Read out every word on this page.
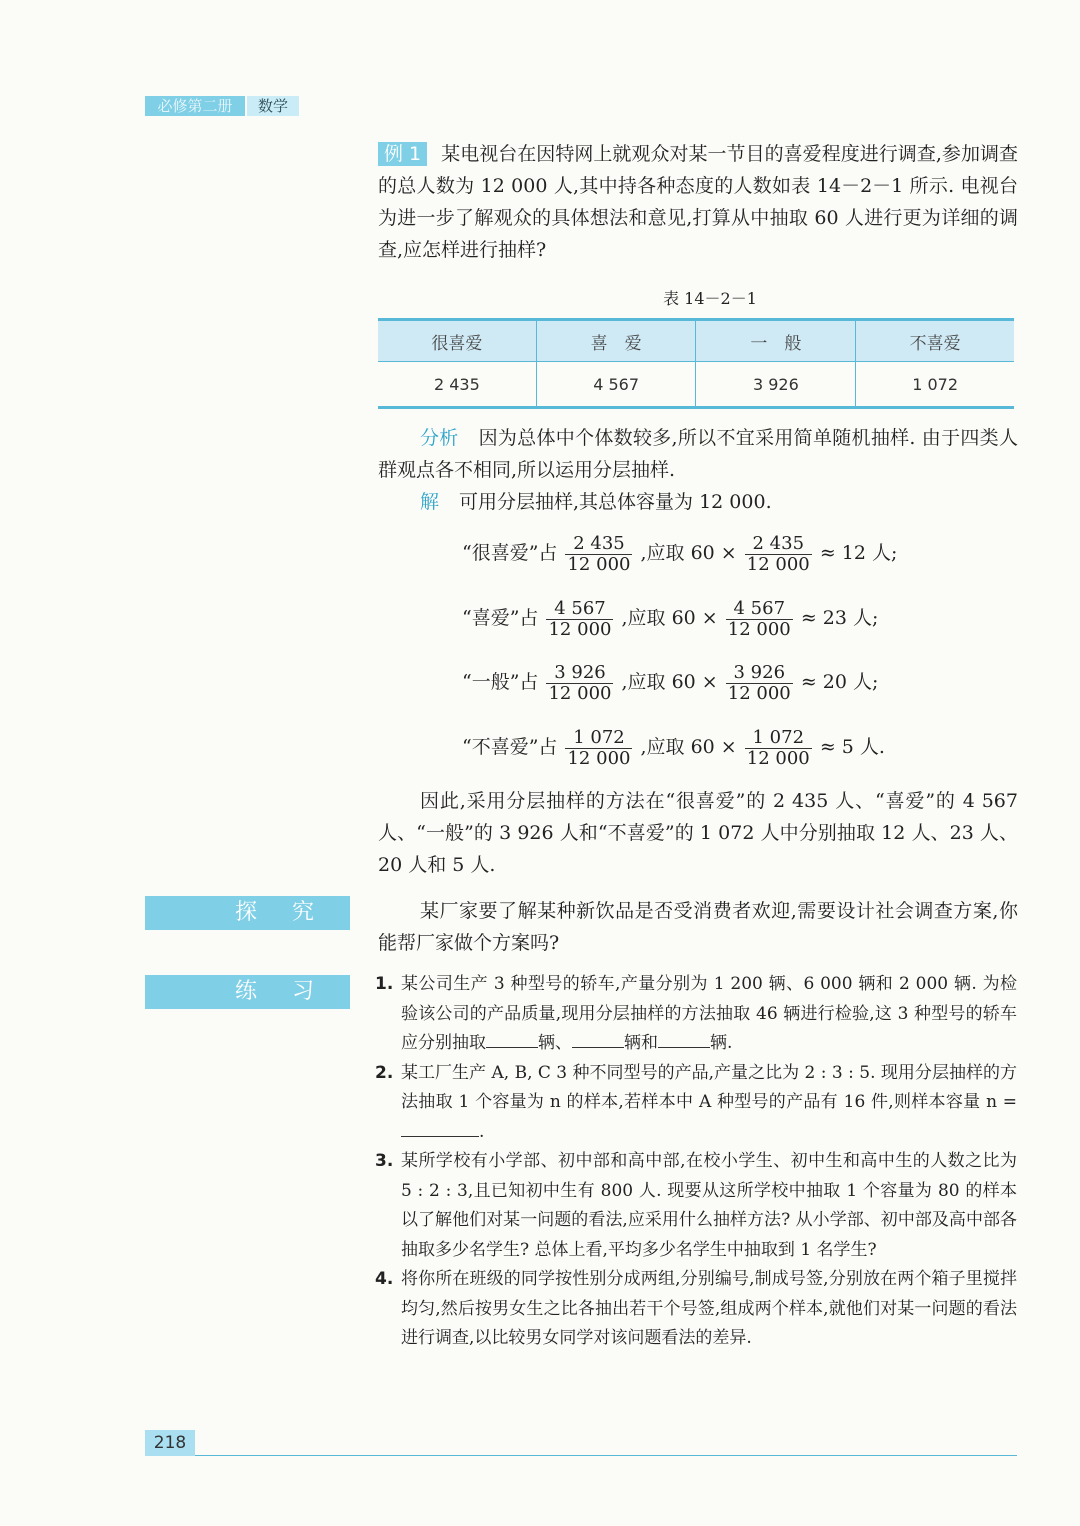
必修第二册	数学
例 1 某电视台在因特网上就观众对某一节目的喜爱程度进行调查,参加调查的总人数为 12 000 人,其中持各种态度的人数如表 14－2－1 所示. 电视台为进一步了解观众的具体想法和意见,打算从中抽取 60 人进行更为详细的调查,应怎样进行抽样?
表 14－2－1
很喜爱	喜　爱	一　般	不喜爱
2 435	4 567	3 926	1 072
分析 因为总体中个体数较多,所以不宜采用简单随机抽样. 由于四类人群观点各不相同,所以运用分层抽样.
解 可用分层抽样,其总体容量为 12 000.
“很喜爱”占 $\frac{2 435}{12 000}$ ,应取 $60 \times \frac{2 435}{12 000} \approx 12$ 人;
“喜爱”占 $\frac{4 567}{12 000}$ ,应取 $60 \times \frac{4 567}{12 000} \approx 23$ 人;
“一般”占 $\frac{3 926}{12 000}$ ,应取 $60 \times \frac{3 926}{12 000} \approx 20$ 人;
“不喜爱”占 $\frac{1 072}{12 000}$ ,应取 $60 \times \frac{1 072}{12 000} \approx 5$ 人.
因此,采用分层抽样的方法在“很喜爱”的 2 435 人、“喜爱”的 4 567 人、“一般”的 3 926 人和“不喜爱”的 1 072 人中分别抽取 12 人、23 人、20 人和 5 人.
探 究	某厂家要了解某种新饮品是否受消费者欢迎,需要设计社会调查方案,你能帮厂家做个方案吗?
练 习	1. 某公司生产 3 种型号的轿车,产量分别为 1 200 辆、6 000 辆和 2 000 辆. 为检验该公司的产品质量,现用分层抽样的方法抽取 46 辆进行检验,这 3 种型号的轿车应分别抽取	辆、	辆和	辆.
2. 某工厂生产 A, B, C 3 种不同型号的产品,产量之比为 2 : 3 : 5. 现用分层抽样的方法抽取 1 个容量为 n 的样本,若样本中 A 种型号的产品有 16 件,则样本容量 n = .
3. 某所学校有小学部、初中部和高中部,在校小学生、初中生和高中生的人数之比为 5 : 2 : 3,且已知初中生有 800 人. 现要从这所学校中抽取 1 个容量为 80 的样本以了解他们对某一问题的看法,应采用什么抽样方法? 从小学部、初中部及高中部各抽取多少名学生? 总体上看,平均多少名学生中抽取到 1 名学生?
4. 将你所在班级的同学按性别分成两组,分别编号,制成号签,分别放在两个箱子里搅拌均匀,然后按男女生之比各抽出若干个号签,组成两个样本,就他们对某一问题的看法进行调查,以比较男女同学对该问题看法的差异.
218
